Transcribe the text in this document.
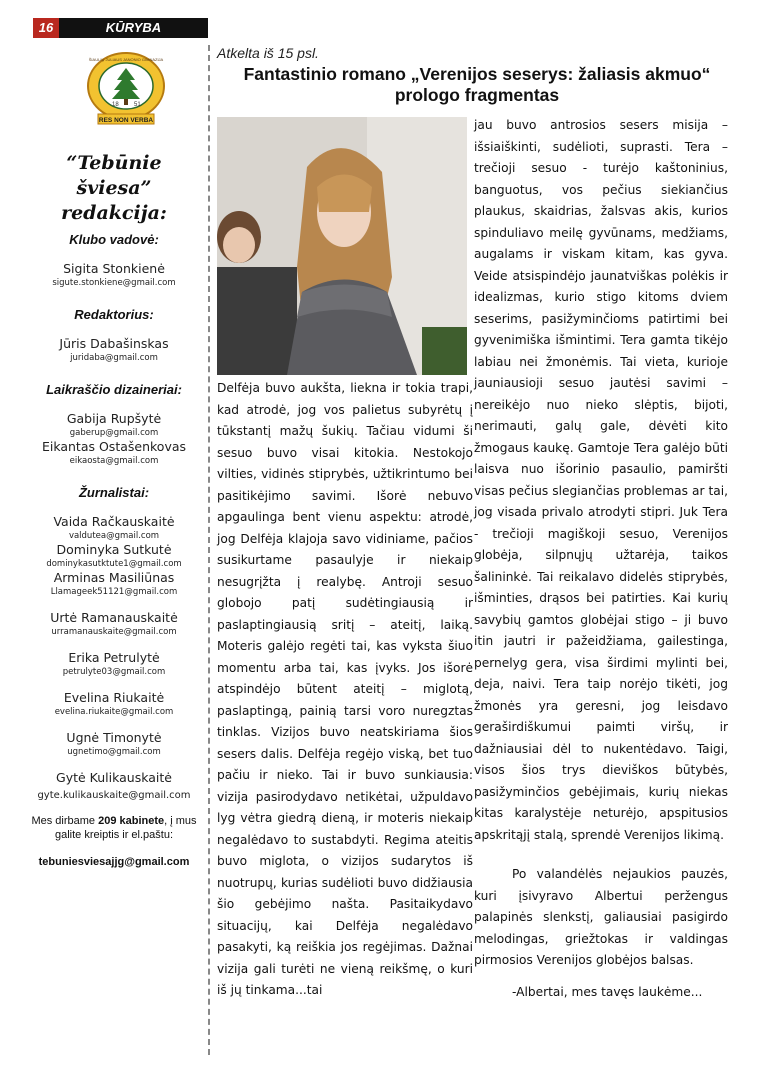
16	KŪRYBA
18	51
ŠIAULIŲ JULIAUS JANONIO GIMNAZIJA
RES NON VERBA
“Tebūnie
šviesa”
redakcija:
Klubo vadovė:
Sigita Stonkienė
sigute.stonkiene@gmail.com
Redaktorius:
Jūris Dabašinskas
juridaba@gmail.com
Laikraščio dizaineriai:
Gabija Rupšytė
gaberup@gmail.com
Eikantas Ostašenkovas
eikaosta@gmail.com
Žurnalistai:
Vaida Račkauskaitė
valdutea@gmail.com
Dominyka Sutkutė
dominykasutktute1@gmail.com
Arminas Masiliūnas
Llamageek51121@gmail.com
Urtė Ramanauskaitė
urramanauskaite@gmail.com
Erika Petrulytė
petrulyte03@gmail.com
Evelina Riukaitė
evelina.riukaite@gmail.com
Ugnė Timonytė
ugnetimo@gmail.com
Gytė Kulikauskaitė
gyte.kulikauskaite@gmail.com
Mes dirbame 209 kabinete, į mus galite kreiptis ir el.paštu:
tebuniesviesajjg@gmail.com
Atkelta iš 15 psl.
Fantastinio romano „Verenijos seserys: žaliasis akmuo“ prologo fragmentas

Delfėja buvo aukšta, liekna ir tokia trapi, kad atrodė, jog vos palietus subyrėtų į tūkstantį mažų šukių. Tačiau vidumi ši sesuo buvo visai kitokia. Nestokojo vilties, vidinės stiprybės, užtikrintumo bei pasitikėjimo savimi. Išorė nebuvo apgaulinga bent vienu aspektu: atrodė, jog Delfėja klajoja savo vidiniame, pačios susikurtame pasaulyje ir niekaip nesugrįžta į realybę. Antroji sesuo globojo patį sudėtingiausią ir paslaptingiausią sritį – ateitį, laiką. Moteris galėjo regėti tai, kas vyksta šiuo momentu arba tai, kas įvyks. Jos išorė atspindėjo būtent ateitį – miglotą, paslaptingą, painią tarsi voro nuregztas tinklas. Vizijos buvo neatskiriama šios sesers dalis. Delfėja regėjo viską, bet tuo pačiu ir nieko. Tai ir buvo sunkiausia: vizija pasirodydavo netikėtai, užpuldavo lyg vėtra giedrą dieną, ir moteris niekaip negalėdavo to sustabdyti. Regima ateitis buvo miglota, o vizijos sudarytos iš nuotrupų, kurias sudėlioti buvo didžiausia šio gebėjimo našta. Pasitaikydavo situacijų, kai Delfėja negalėdavo pasakyti, ką reiškia jos regėjimas. Dažnai vizija gali turėti ne vieną reikšmę, o kuri iš jų tinkama...tai

jau buvo antrosios sesers misija – išsiaiškinti, sudėlioti, suprasti. Tera – trečioji sesuo - turėjo kaštoninius, banguotus, vos pečius siekiančius plaukus, skaidrias, žalsvas akis, kurios spinduliavo meilę gyvūnams, medžiams, augalams ir viskam kitam, kas gyva. Veide atsispindėjo jaunatviškas polėkis ir idealizmas, kurio stigo kitoms dviem seserims, pasižyminčioms patirtimi bei gyvenimiška išmintimi. Tera gamta tikėjo labiau nei žmonėmis. Tai vieta, kurioje jauniausioji sesuo jautėsi savimi – nereikėjo nuo nieko slėptis, bijoti, nerimauti, galų gale, dėvėti kito žmogaus kaukę. Gamtoje Tera galėjo būti laisva nuo išorinio pasaulio, pamiršti visas pečius slegiančias problemas ar tai, jog visada privalo atrodyti stipri. Juk Tera - trečioji magiškoji sesuo, Verenijos globėja, silpnųjų užtarėja, taikos šalininkė. Tai reikalavo didelės stiprybės, išminties, drąsos bei patirties. Kai kurių savybių gamtos globėjai stigo – ji buvo itin jautri ir pažeidžiama, gailestinga, pernelyg gera, visa širdimi mylinti bei, deja, naivi. Tera taip norėjo tikėti, jog žmonės yra geresni, jog leisdavo geraširdiškumui paimti viršų, ir dažniausiai dėl to nukentėdavo. Taigi, visos šios trys dieviškos būtybės, pasižyminčios gebėjimais, kurių niekas kitas karalystėje neturėjo, apspitusios apskritąjį stalą, sprendė Verenijos likimą.

Po valandėlės nejaukios pauzės, kuri įsivyravo Albertui peržengus palapinės slenkstį, galiausiai pasigirdo melodingas, griežtokas ir valdingas pirmosios Verenijos globėjos balsas.

-Albertai, mes tavęs laukėme...
